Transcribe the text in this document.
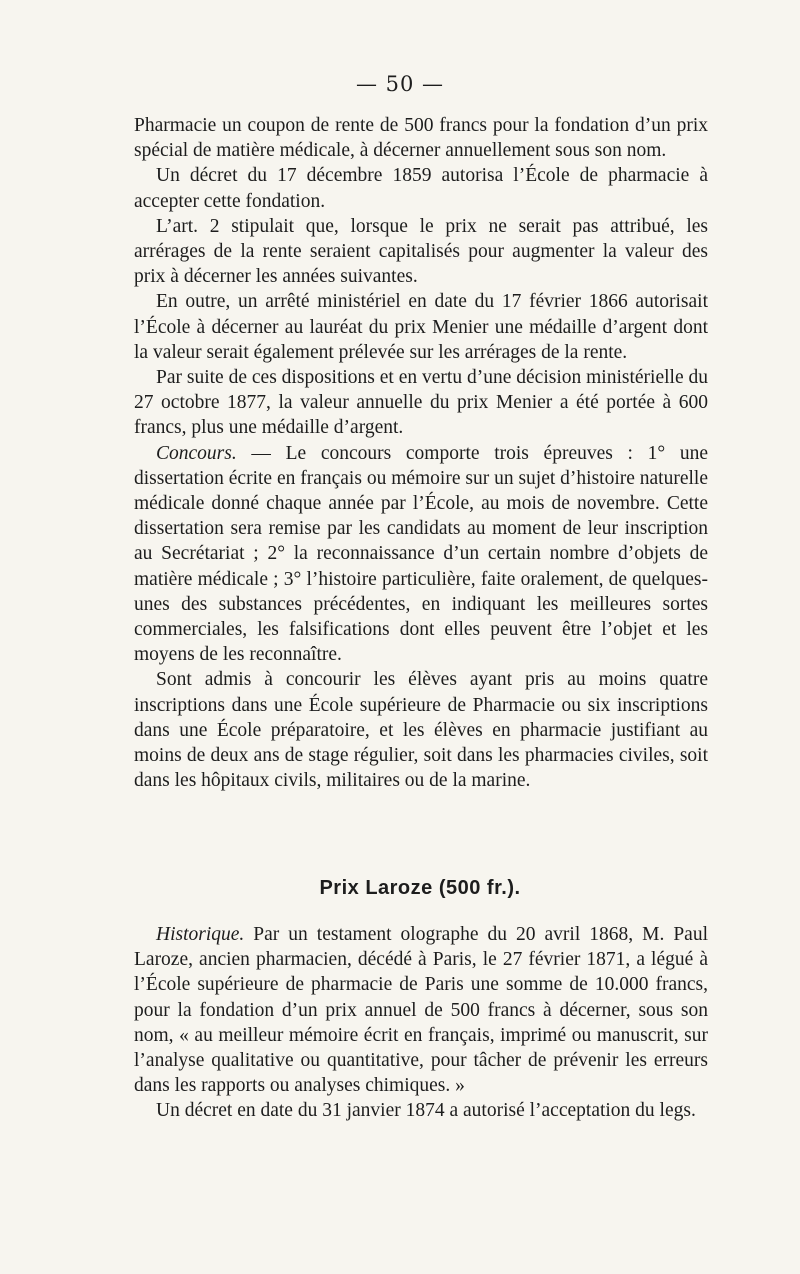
— 50 —

Pharmacie un coupon de rente de 500 francs pour la fondation d’un prix spécial de matière médicale, à décerner annuellement sous son nom.

Un décret du 17 décembre 1859 autorisa l’École de pharmacie à accepter cette fondation.

L’art. 2 stipulait que, lorsque le prix ne serait pas attribué, les arrérages de la rente seraient capitalisés pour augmenter la valeur des prix à décerner les années suivantes.

En outre, un arrêté ministériel en date du 17 février 1866 autorisait l’École à décerner au lauréat du prix Menier une médaille d’argent dont la valeur serait également prélevée sur les arrérages de la rente.

Par suite de ces dispositions et en vertu d’une décision ministérielle du 27 octobre 1877, la valeur annuelle du prix Menier a été portée à 600 francs, plus une médaille d’argent.

Concours. — Le concours comporte trois épreuves : 1° une dissertation écrite en français ou mémoire sur un sujet d’histoire naturelle médicale donné chaque année par l’École, au mois de novembre. Cette dissertation sera remise par les candidats au moment de leur inscription au Secrétariat ; 2° la reconnaissance d’un certain nombre d’objets de matière médicale ; 3° l’histoire particulière, faite oralement, de quelques-unes des substances précédentes, en indiquant les meilleures sortes commerciales, les falsifications dont elles peuvent être l’objet et les moyens de les reconnaître.

Sont admis à concourir les élèves ayant pris au moins quatre inscriptions dans une École supérieure de Pharmacie ou six inscriptions dans une École préparatoire, et les élèves en pharmacie justifiant au moins de deux ans de stage régulier, soit dans les pharmacies civiles, soit dans les hôpitaux civils, militaires ou de la marine.

Prix Laroze (500 fr.).

Historique. Par un testament olographe du 20 avril 1868, M. Paul Laroze, ancien pharmacien, décédé à Paris, le 27 février 1871, a légué à l’École supérieure de pharmacie de Paris une somme de 10.000 francs, pour la fondation d’un prix annuel de 500 francs à décerner, sous son nom, « au meilleur mémoire écrit en français, imprimé ou manuscrit, sur l’analyse qualitative ou quantitative, pour tâcher de prévenir les erreurs dans les rapports ou analyses chimiques. »

Un décret en date du 31 janvier 1874 a autorisé l’acceptation du legs.
